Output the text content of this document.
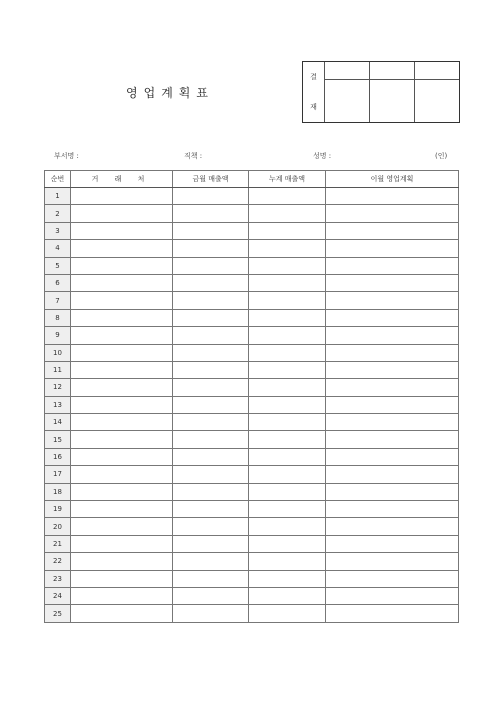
영업계획표
결
재
부서명 :	직책 :	성명 :	(인)
순번	거 래 처	금월 매출액	누계 매출액	이월 영업계획
1				
2				
3				
4				
5				
6				
7				
8				
9				
10				
11				
12				
13				
14				
15				
16				
17				
18				
19				
20				
21				
22				
23				
24				
25				
